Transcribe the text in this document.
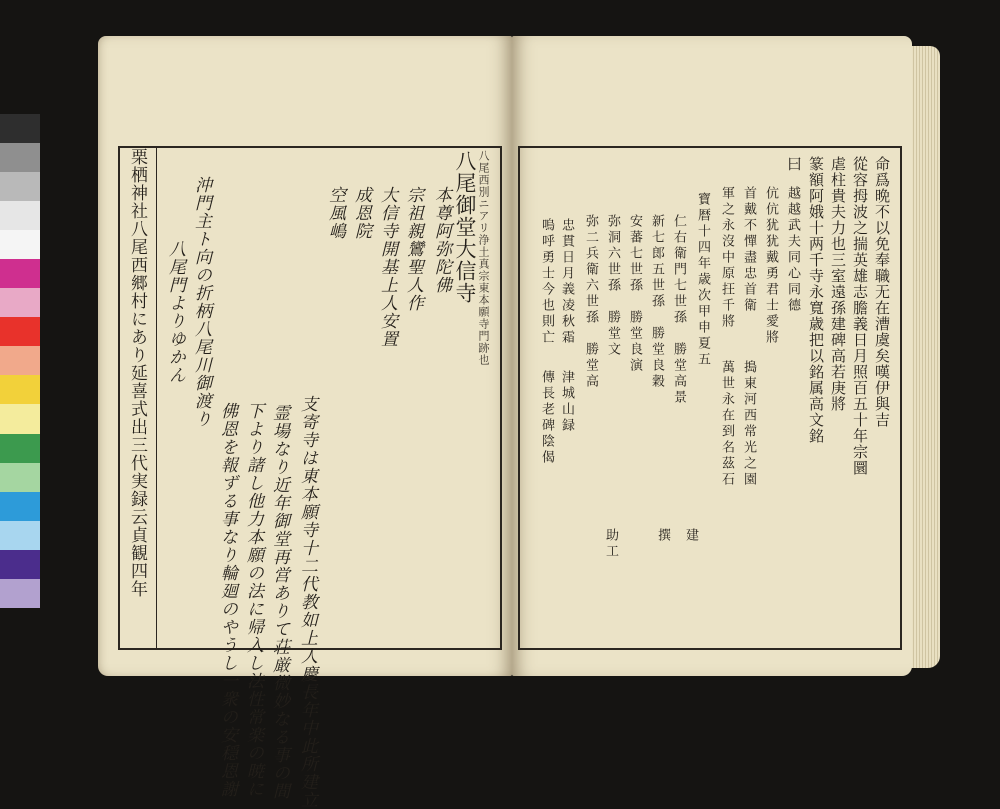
八尾御堂大信寺 八尾西別ニアリ浄土真宗東本願寺門跡也
本尊阿弥陀佛
宗祖親鸞聖人作
大信寺開基上人安置
成恩院
空風嶋
支寄寺は東本願寺十二代教如上人慶長年中此所建立
霊場なり近年御堂再営ありて荘厳微妙なる事の間
下より諸し他力本願の法に帰入し法性常楽の暁に
佛恩を報ずる事なり輪廻のやうし一衆の安穏恩謝
沖門主ト向の折柄八尾川御渡り
八尾門よりゆかん
栗栖神社八尾西郷村にあり延喜式出三代実録云貞観四年	寶暦十四年歳次甲申夏五	命爲晩不以免奉職无在漕虞矣嘆伊與吉
從容拇波之揣英雄志膽義日月照百五十年宗圜
虐柱貴夫力也三室遠孫建碑高若庚將
篆額阿娥十两千寺永寬歳把以銘属高文銘
曰
越越武夫同心同德
伉伉犹犹戴勇君士愛將
首戴不憚盡忠首衛
軍之永沒中原抂千將
搗東河西常光之園
萬世永在到名茲石
仁右衛門七世孫　勝堂高景
新七郎五世孫　勝堂良穀
安蕃七世孫　勝堂良演
弥洞六世孫　勝堂文
弥二兵衛六世孫　勝堂高
建
撰
助工
忠貫日月義凌秋霜
嗚呼勇士今也則亡
津城山録
傳長老碑陰偈
